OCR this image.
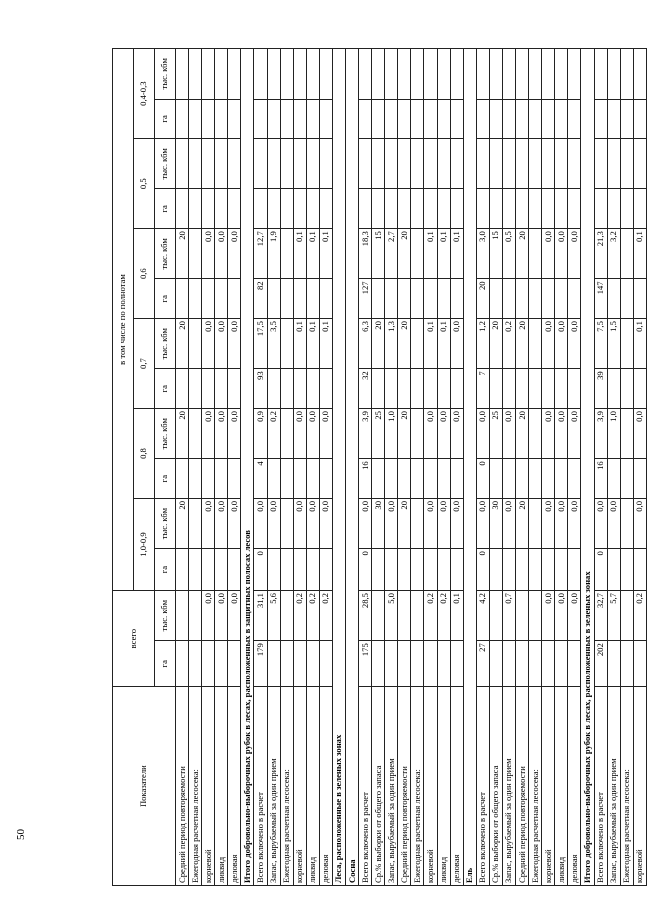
50
Показатели	всего		в том числе по полнотам											
			1,0-0,9		0,8		0,7		0,6		0,5		0,4-0,3	
	га	тыс. кбм	га	тыс. кбм	га	тыс. кбм	га	тыс. кбм	га	тыс. кбм	га	тыс. кбм	га	тыс. кбм
Средний период повторяемости				20		20		20		20				
Ежегодная расчетная лесосека:														
корневой		0,0		0,0		0,0		0,0		0,0				
ликвид		0,0		0,0		0,0		0,0		0,0				
деловая		0,0		0,0		0,0		0,0		0,0				
Итого добровольно-выборочных рубок в лесах, расположенных в защитных полосах лесов														
Всего включено в расчет	179	31,1	0	0,0	4	0,9	93	17,5	82	12,7				
Запас, вырубаемый за один прием		5,6		0,0		0,2		3,5		1,9				
Ежегодная расчетная лесосека:														
корневой		0,2		0,0		0,0		0,1		0,1				
ликвид		0,2		0,0		0,0		0,1		0,1				
деловая		0,2		0,0		0,0		0,1		0,1				
Леса, расположенные в зеленых зонах														
Сосна														
Всего включено в расчет	175	28,5	0	0,0	16	3,9	32	6,3	127	18,3				
Ср.% выборки от общего запаса				30		25		20		15				
Запас, вырубаемый за один прием		5,0		0,0		1,0		1,3		2,7				
Средний период повторяемости				20		20		20		20				
Ежегодная расчетная лесосека:														
корневой		0,2		0,0		0,0		0,1		0,1				
ликвид		0,2		0,0		0,0		0,1		0,1				
деловая		0,1		0,0		0,0		0,0		0,1				
Ель														
Всего включено в расчет	27	4,2	0	0,0	0	0,0	7	1,2	20	3,0				
Ср.% выборки от общего запаса				30		25		20		15				
Запас, вырубаемый за один прием		0,7		0,0		0,0		0,2		0,5				
Средний период повторяемости				20		20		20		20				
Ежегодная расчетная лесосека:														
корневой		0,0		0,0		0,0		0,0		0,0				
ликвид		0,0		0,0		0,0		0,0		0,0				
деловая		0,0		0,0		0,0		0,0		0,0				
Итого добровольно-выборочных рубок в лесах, расположенных в зеленых зонах														
Всего включено в расчет	202	32,7	0	0,0	16	3,9	39	7,5	147	21,3				
Запас, вырубаемый за один прием		5,7		0,0		1,0		1,5		3,2				
Ежегодная расчетная лесосека:														
корневой		0,2		0,0		0,0		0,1		0,1				
